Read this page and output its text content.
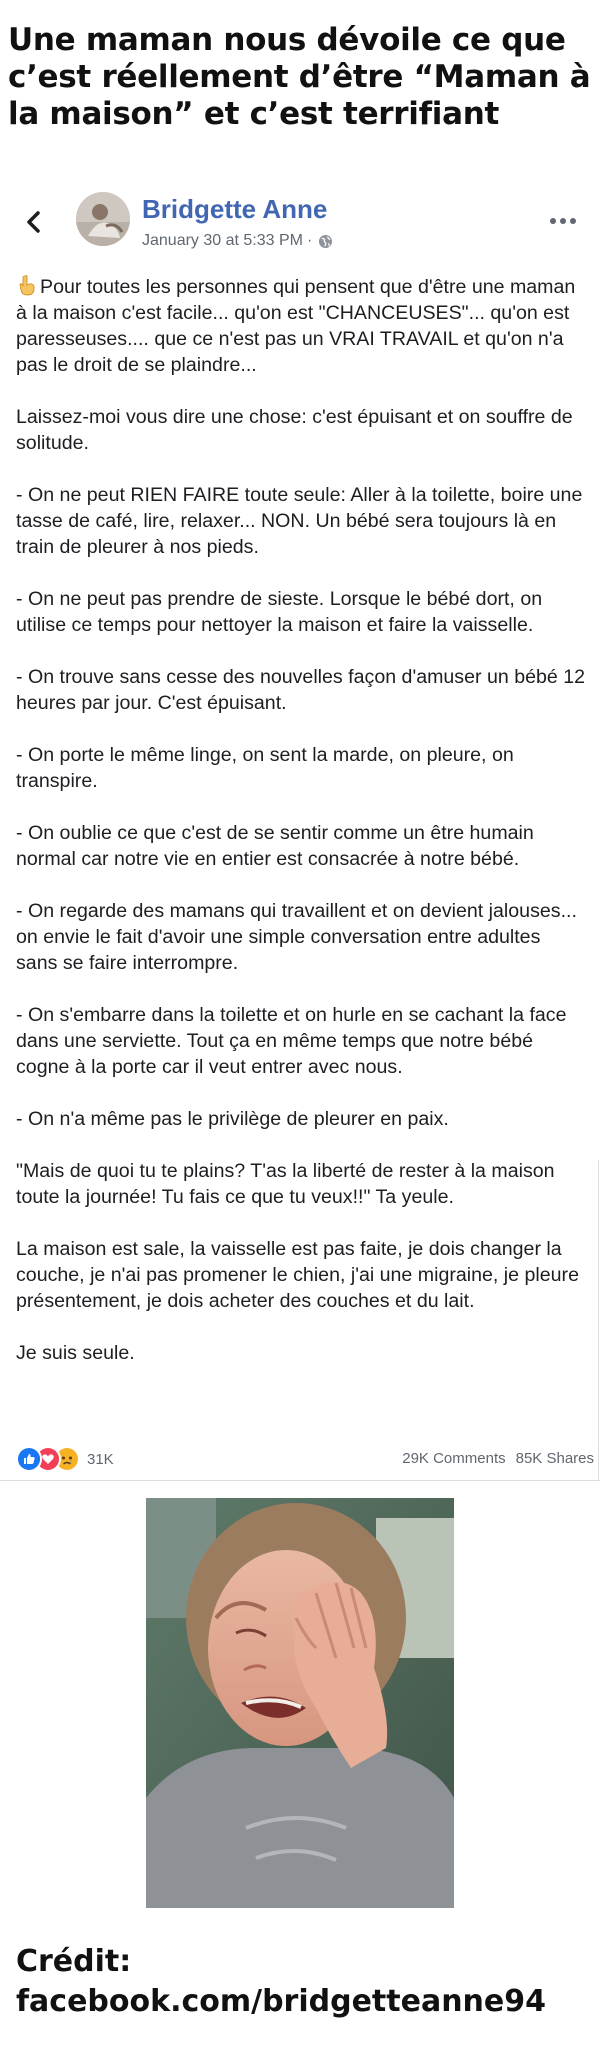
Une maman nous dévoile ce que c’est réellement d’être “Maman à la maison” et c’est terrifiant
Bridgette Anne
January 30 at 5:33 PM ·

Pour toutes les personnes qui pensent que d'être une maman à la maison c'est facile... qu'on est "CHANCEUSES"... qu'on est paresseuses.... que ce n'est pas un VRAI TRAVAIL et qu'on n'a pas le droit de se plaindre...

Laissez-moi vous dire une chose: c'est épuisant et on souffre de solitude.

- On ne peut RIEN FAIRE toute seule: Aller à la toilette, boire une tasse de café, lire, relaxer... NON. Un bébé sera toujours là en train de pleurer à nos pieds.

- On ne peut pas prendre de sieste. Lorsque le bébé dort, on utilise ce temps pour nettoyer la maison et faire la vaisselle.

- On trouve sans cesse des nouvelles façon d'amuser un bébé 12 heures par jour. C'est épuisant.

- On porte le même linge, on sent la marde, on pleure, on transpire.

- On oublie ce que c'est de se sentir comme un être humain normal car notre vie en entier est consacrée à notre bébé.

- On regarde des mamans qui travaillent et on devient jalouses... on envie le fait d'avoir une simple conversation entre adultes sans se faire interrompre.

- On s'embarre dans la toilette et on hurle en se cachant la face dans une serviette. Tout ça en même temps que notre bébé cogne à la porte car il veut entrer avec nous.

- On n'a même pas le privilège de pleurer en paix.

"Mais de quoi tu te plains? T'as la liberté de rester à la maison toute la journée! Tu fais ce que tu veux!!" Ta yeule.

La maison est sale, la vaisselle est pas faite, je dois changer la couche, je n'ai pas promener le chien, j'ai une migraine, je pleure présentement, je dois acheter des couches et du lait.

Je suis seule.

31K	29K Comments 85K Shares
Crédit:
facebook.com/bridgetteanne94
